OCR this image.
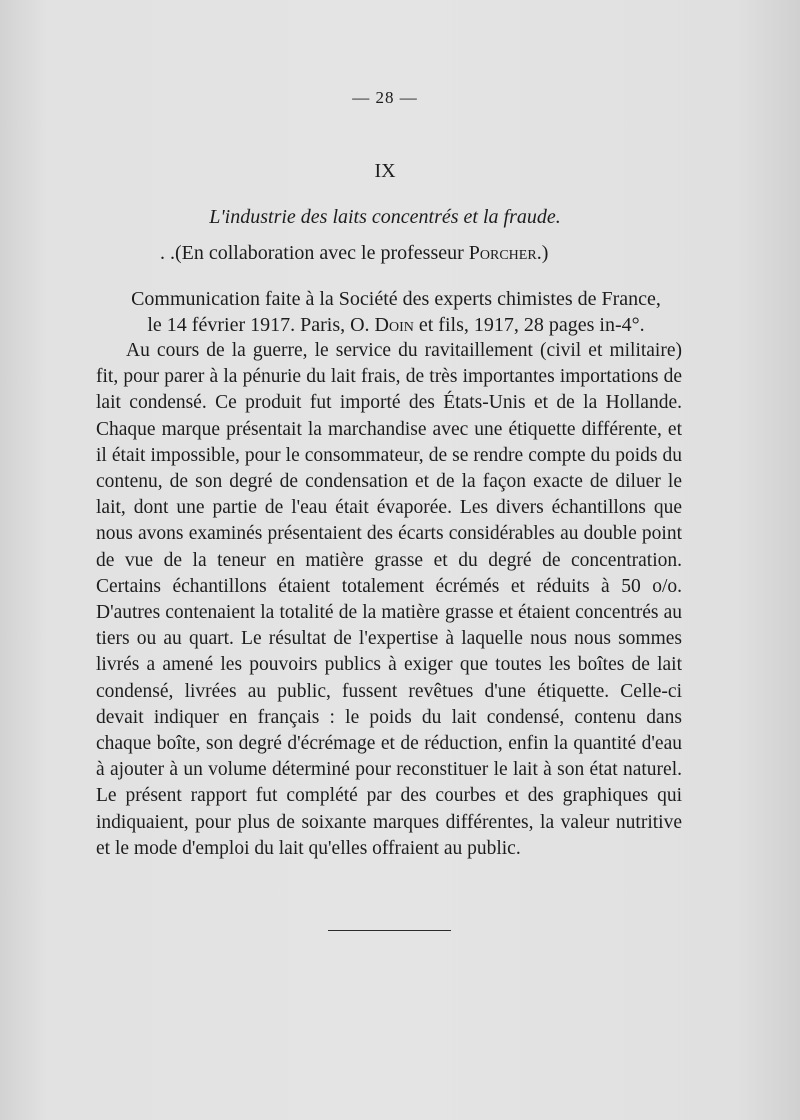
— 28 —
IX
L'industrie des laits concentrés et la fraude.
. .(En collaboration avec le professeur Porcher.)
Communication faite à la Société des experts chimistes de France,
le 14 février 1917. Paris, O. Doin et fils, 1917, 28 pages in-4°.
Au cours de la guerre, le service du ravitaillement (civil et militaire) fit, pour parer à la pénurie du lait frais, de très importantes importations de lait condensé. Ce produit fut importé des États-Unis et de la Hollande. Chaque marque présentait la marchandise avec une étiquette différente, et il était impossible, pour le consommateur, de se rendre compte du poids du contenu, de son degré de condensation et de la façon exacte de diluer le lait, dont une partie de l'eau était évaporée. Les divers échantillons que nous avons examinés présentaient des écarts considérables au double point de vue de la teneur en matière grasse et du degré de concentration. Certains échantillons étaient totalement écrémés et réduits à 50 o/o. D'autres contenaient la totalité de la matière grasse et étaient concentrés au tiers ou au quart. Le résultat de l'expertise à laquelle nous nous sommes livrés a amené les pouvoirs publics à exiger que toutes les boîtes de lait condensé, livrées au public, fussent revêtues d'une étiquette. Celle-ci devait indiquer en français : le poids du lait condensé, contenu dans chaque boîte, son degré d'écrémage et de réduction, enfin la quantité d'eau à ajouter à un volume déterminé pour reconstituer le lait à son état naturel. Le présent rapport fut complété par des courbes et des graphiques qui indiquaient, pour plus de soixante marques différentes, la valeur nutritive et le mode d'emploi du lait qu'elles offraient au public.
